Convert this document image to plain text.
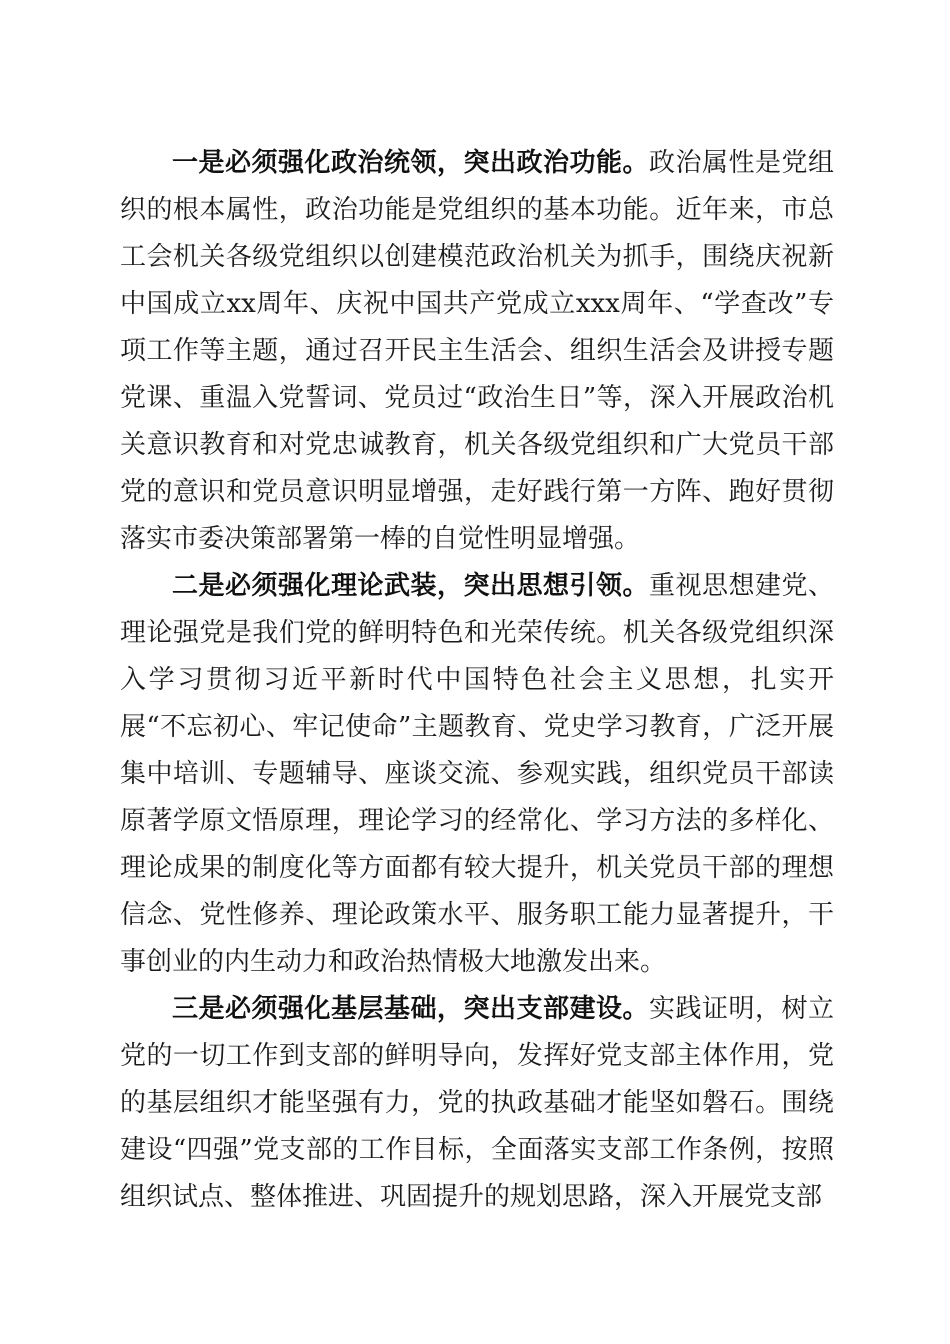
一是必须强化政治统领，突出政治功能。政治属性是党组织的根本属性，政治功能是党组织的基本功能。近年来，市总工会机关各级党组织以创建模范政治机关为抓手，围绕庆祝新中国成立xx周年、庆祝中国共产党成立xxx周年、“学查改”专项工作等主题，通过召开民主生活会、组织生活会及讲授专题党课、重温入党誓词、党员过“政治生日”等，深入开展政治机关意识教育和对党忠诚教育，机关各级党组织和广大党员干部党的意识和党员意识明显增强，走好践行第一方阵、跑好贯彻落实市委决策部署第一棒的自觉性明显增强。

二是必须强化理论武装，突出思想引领。重视思想建党、理论强党是我们党的鲜明特色和光荣传统。机关各级党组织深入学习贯彻习近平新时代中国特色社会主义思想，扎实开展“不忘初心、牢记使命”主题教育、党史学习教育，广泛开展集中培训、专题辅导、座谈交流、参观实践，组织党员干部读原著学原文悟原理，理论学习的经常化、学习方法的多样化、理论成果的制度化等方面都有较大提升，机关党员干部的理想信念、党性修养、理论政策水平、服务职工能力显著提升，干事创业的内生动力和政治热情极大地激发出来。

三是必须强化基层基础，突出支部建设。实践证明，树立党的一切工作到支部的鲜明导向，发挥好党支部主体作用，党的基层组织才能坚强有力，党的执政基础才能坚如磐石。围绕建设“四强”党支部的工作目标，全面落实支部工作条例，按照组织试点、整体推进、巩固提升的规划思路，深入开展党支部
